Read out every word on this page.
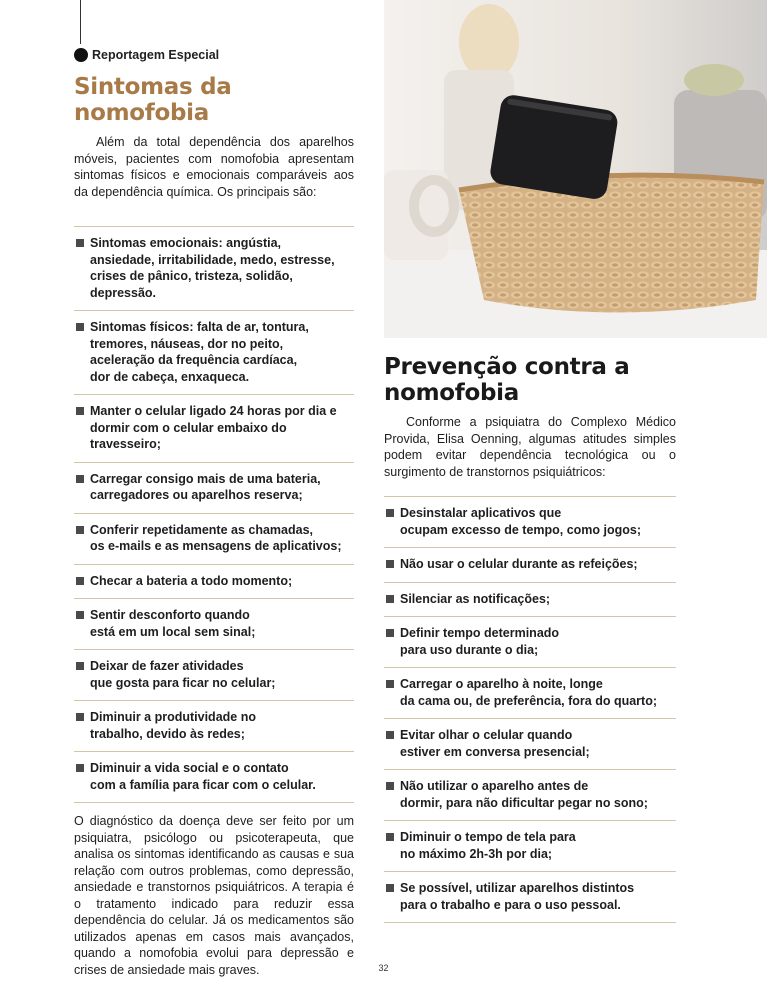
Reportagem Especial
Sintomas da nomofobia

Além da total dependência dos aparelhos móveis, pacientes com nomofobia apresentam sintomas físicos e emocionais comparáveis aos da dependência química. Os principais são:

Sintomas emocionais: angústia,
ansiedade, irritabilidade, medo, estresse,
crises de pânico, tristeza, solidão, depressão.
Sintomas físicos: falta de ar, tontura,
tremores, náuseas, dor no peito,
aceleração da frequência cardíaca,
dor de cabeça, enxaqueca.
Manter o celular ligado 24 horas por dia e
dormir com o celular embaixo do travesseiro;
Carregar consigo mais de uma bateria,
carregadores ou aparelhos reserva;
Conferir repetidamente as chamadas,
os e-mails e as mensagens de aplicativos;
Checar a bateria a todo momento;
Sentir desconforto quando
está em um local sem sinal;
Deixar de fazer atividades
que gosta para ficar no celular;
Diminuir a produtividade no
trabalho, devido às redes;
Diminuir a vida social e o contato
com a família para ficar com o celular.

O diagnóstico da doença deve ser feito por um psiquiatra, psicólogo ou psicoterapeuta, que analisa os sintomas identificando as causas e sua relação com outros problemas, como depressão, ansiedade e transtornos psiquiátricos. A terapia é o tratamento indicado para reduzir essa dependência do celular. Já os medicamentos são utilizados apenas em casos mais avançados, quando a nomofobia evolui para depressão e crises de ansiedade mais graves.

Prevenção contra a nomofobia

Conforme a psiquiatra do Complexo Médico Provida, Elisa Oenning, algumas atitudes simples podem evitar dependência tecnológica ou o surgimento de transtornos psiquiátricos:

Desinstalar aplicativos que
ocupam excesso de tempo, como jogos;
Não usar o celular durante as refeições;
Silenciar as notificações;
Definir tempo determinado
para uso durante o dia;
Carregar o aparelho à noite, longe
da cama ou, de preferência, fora do quarto;
Evitar olhar o celular quando
estiver em conversa presencial;
Não utilizar o aparelho antes de
dormir, para não dificultar pegar no sono;
Diminuir o tempo de tela para
no máximo 2h-3h por dia;
Se possível, utilizar aparelhos distintos
para o trabalho e para o uso pessoal.
32
